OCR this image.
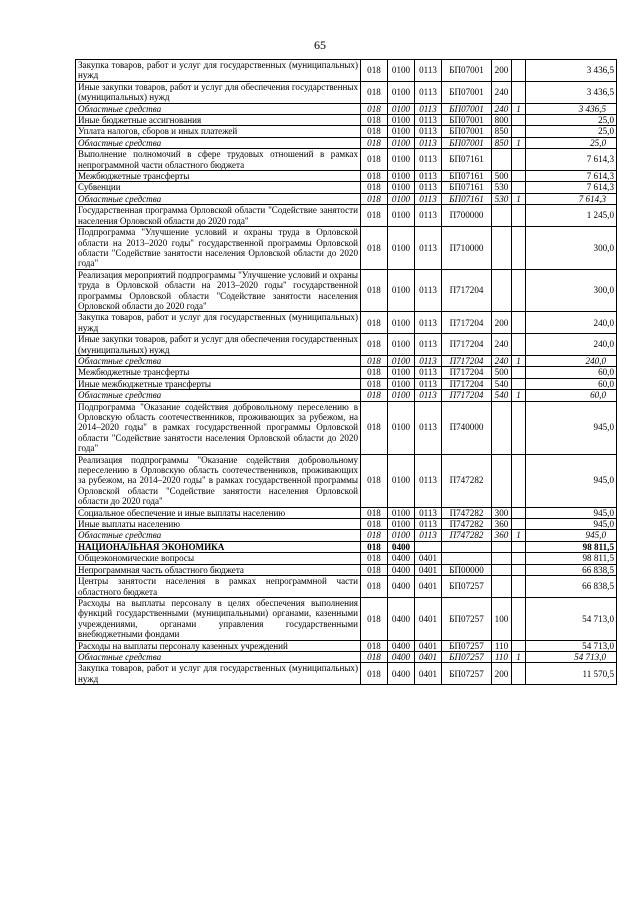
65
Закупка товаров, работ и услуг для государственных (муниципальных) нужд	018	0100	0113	БП07001	200		3 436,5
Иные закупки товаров, работ и услуг для обеспечения государственных (муниципальных) нужд	018	0100	0113	БП07001	240		3 436,5
Областные средства	018	0100	0113	БП07001	240	1	3 436,5
Иные бюджетные ассигнования	018	0100	0113	БП07001	800		25,0
Уплата налогов, сборов и иных платежей	018	0100	0113	БП07001	850		25,0
Областные средства	018	0100	0113	БП07001	850	1	25,0
Выполнение полномочий в сфере трудовых отношений в рамках непрограммной части областного бюджета	018	0100	0113	БП07161			7 614,3
Межбюджетные трансферты	018	0100	0113	БП07161	500		7 614,3
Субвенции	018	0100	0113	БП07161	530		7 614,3
Областные средства	018	0100	0113	БП07161	530	1	7 614,3
Государственная программа Орловской области "Содействие занятости населения Орловской области до 2020 года"	018	0100	0113	П700000			1 245,0
Подпрограмма "Улучшение условий и охраны труда в Орловской области на 2013–2020 годы" государственной программы Орловской области "Содействие занятости населения Орловской области до 2020 года"	018	0100	0113	П710000			300,0
Реализация мероприятий подпрограммы "Улучшение условий и охраны труда в Орловской области на 2013–2020 годы" государственной программы Орловской области "Содействие занятости населения Орловской области до 2020 года"	018	0100	0113	П717204			300,0
Закупка товаров, работ и услуг для государственных (муниципальных) нужд	018	0100	0113	П717204	200		240,0
Иные закупки товаров, работ и услуг для обеспечения государственных (муниципальных) нужд	018	0100	0113	П717204	240		240,0
Областные средства	018	0100	0113	П717204	240	1	240,0
Межбюджетные трансферты	018	0100	0113	П717204	500		60,0
Иные межбюджетные трансферты	018	0100	0113	П717204	540		60,0
Областные средства	018	0100	0113	П717204	540	1	60,0
Подпрограмма "Оказание содействия добровольному переселению в Орловскую область соотечественников, проживающих за рубежом, на 2014–2020 годы" в рамках государственной программы Орловской области "Содействие занятости населения Орловской области до 2020 года"	018	0100	0113	П740000			945,0
Реализация подпрограммы "Оказание содействия добровольному переселению в Орловскую область соотечественников, проживающих за рубежом, на 2014–2020 годы" в рамках государственной программы Орловской области "Содействие занятости населения Орловской области до 2020 года"	018	0100	0113	П747282			945,0
Социальное обеспечение и иные выплаты населению	018	0100	0113	П747282	300		945,0
Иные выплаты населению	018	0100	0113	П747282	360		945,0
Областные средства	018	0100	0113	П747282	360	1	945,0
НАЦИОНАЛЬНАЯ ЭКОНОМИКА	018	0400					98 811,5
Общеэкономические вопросы	018	0400	0401				98 811,5
Непрограммная часть областного бюджета	018	0400	0401	БП00000			66 838,5
Центры занятости населения в рамках непрограммной части областного бюджета	018	0400	0401	БП07257			66 838,5
Расходы на выплаты персоналу в целях обеспечения выполнения функций государственными (муниципальными) органами, казенными учреждениями, органами управления государственными внебюджетными фондами	018	0400	0401	БП07257	100		54 713,0
Расходы на выплаты персоналу казенных учреждений	018	0400	0401	БП07257	110		54 713,0
Областные средства	018	0400	0401	БП07257	110	1	54 713,0
Закупка товаров, работ и услуг для государственных (муниципальных) нужд	018	0400	0401	БП07257	200		11 570,5
